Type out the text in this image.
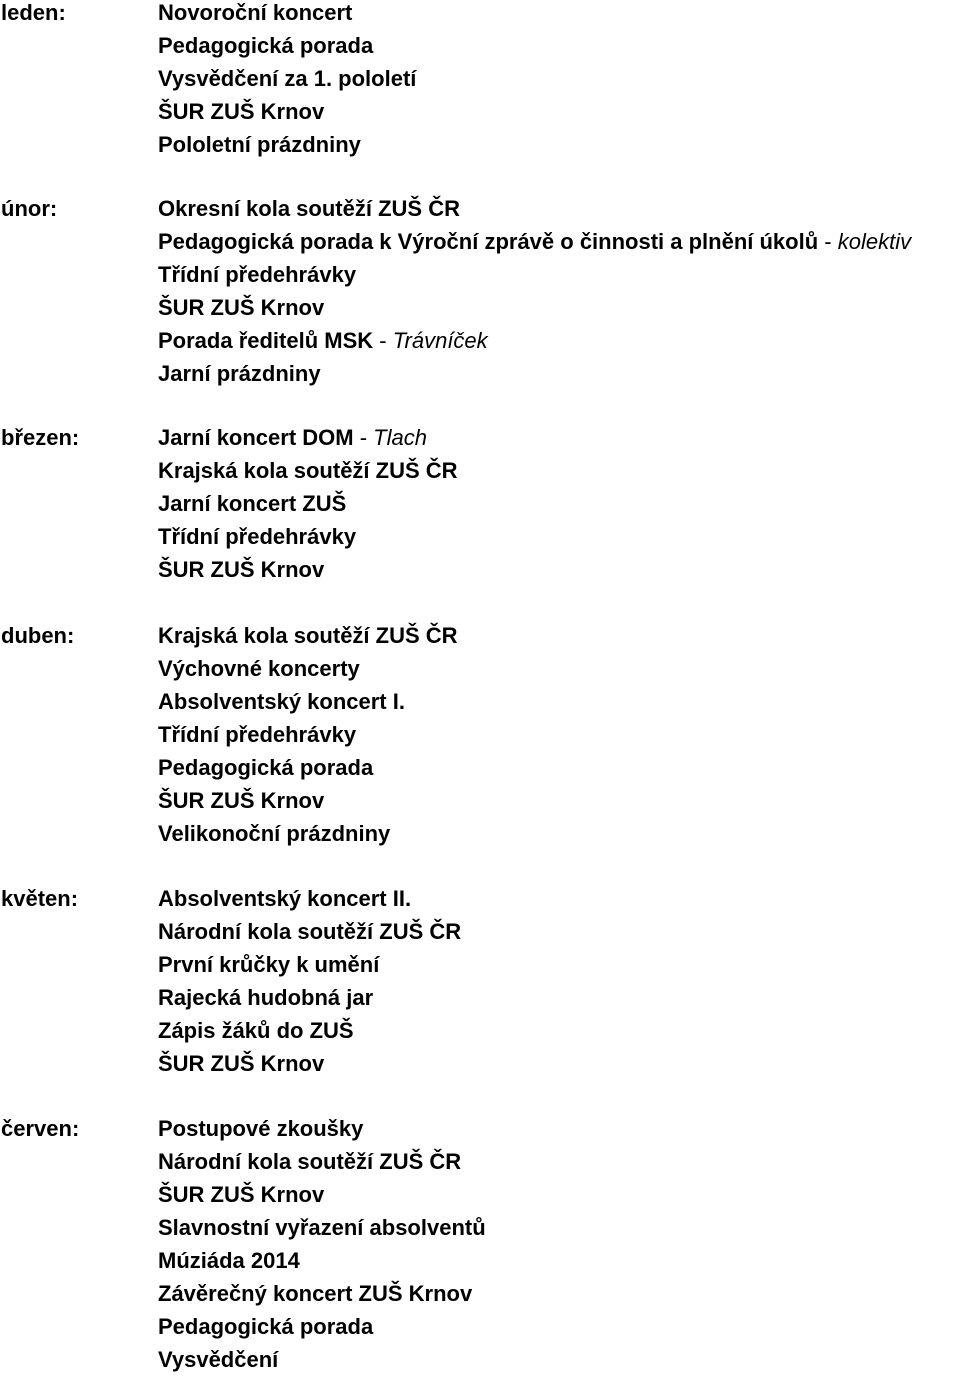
leden:	Novoroční koncert
Pedagogická porada
Vysvědčení za 1. pololetí
ŠUR ZUŠ Krnov
Pololetní prázdniny
únor:	Okresní kola soutěží ZUŠ ČR
Pedagogická porada k Výroční zprávě o činnosti a plnění úkolů - kolektiv
Třídní předehrávky
ŠUR ZUŠ Krnov
Porada ředitelů MSK - Trávníček
Jarní prázdniny
březen:	Jarní koncert DOM - Tlach
Krajská kola soutěží ZUŠ ČR
Jarní koncert ZUŠ
Třídní předehrávky
ŠUR ZUŠ Krnov
duben:	Krajská kola soutěží ZUŠ ČR
Výchovné koncerty
Absolventský koncert I.
Třídní předehrávky
Pedagogická porada
ŠUR ZUŠ Krnov
Velikonoční prázdniny
květen:	Absolventský koncert II.
Národní kola soutěží ZUŠ ČR
První krůčky k umění
Rajecká hudobná jar
Zápis žáků do ZUŠ
ŠUR ZUŠ Krnov
červen:	Postupové zkoušky
Národní kola soutěží ZUŠ ČR
ŠUR ZUŠ Krnov
Slavnostní vyřazení absolventů
Múziáda 2014
Závěrečný koncert ZUŠ Krnov
Pedagogická porada
Vysvědčení
